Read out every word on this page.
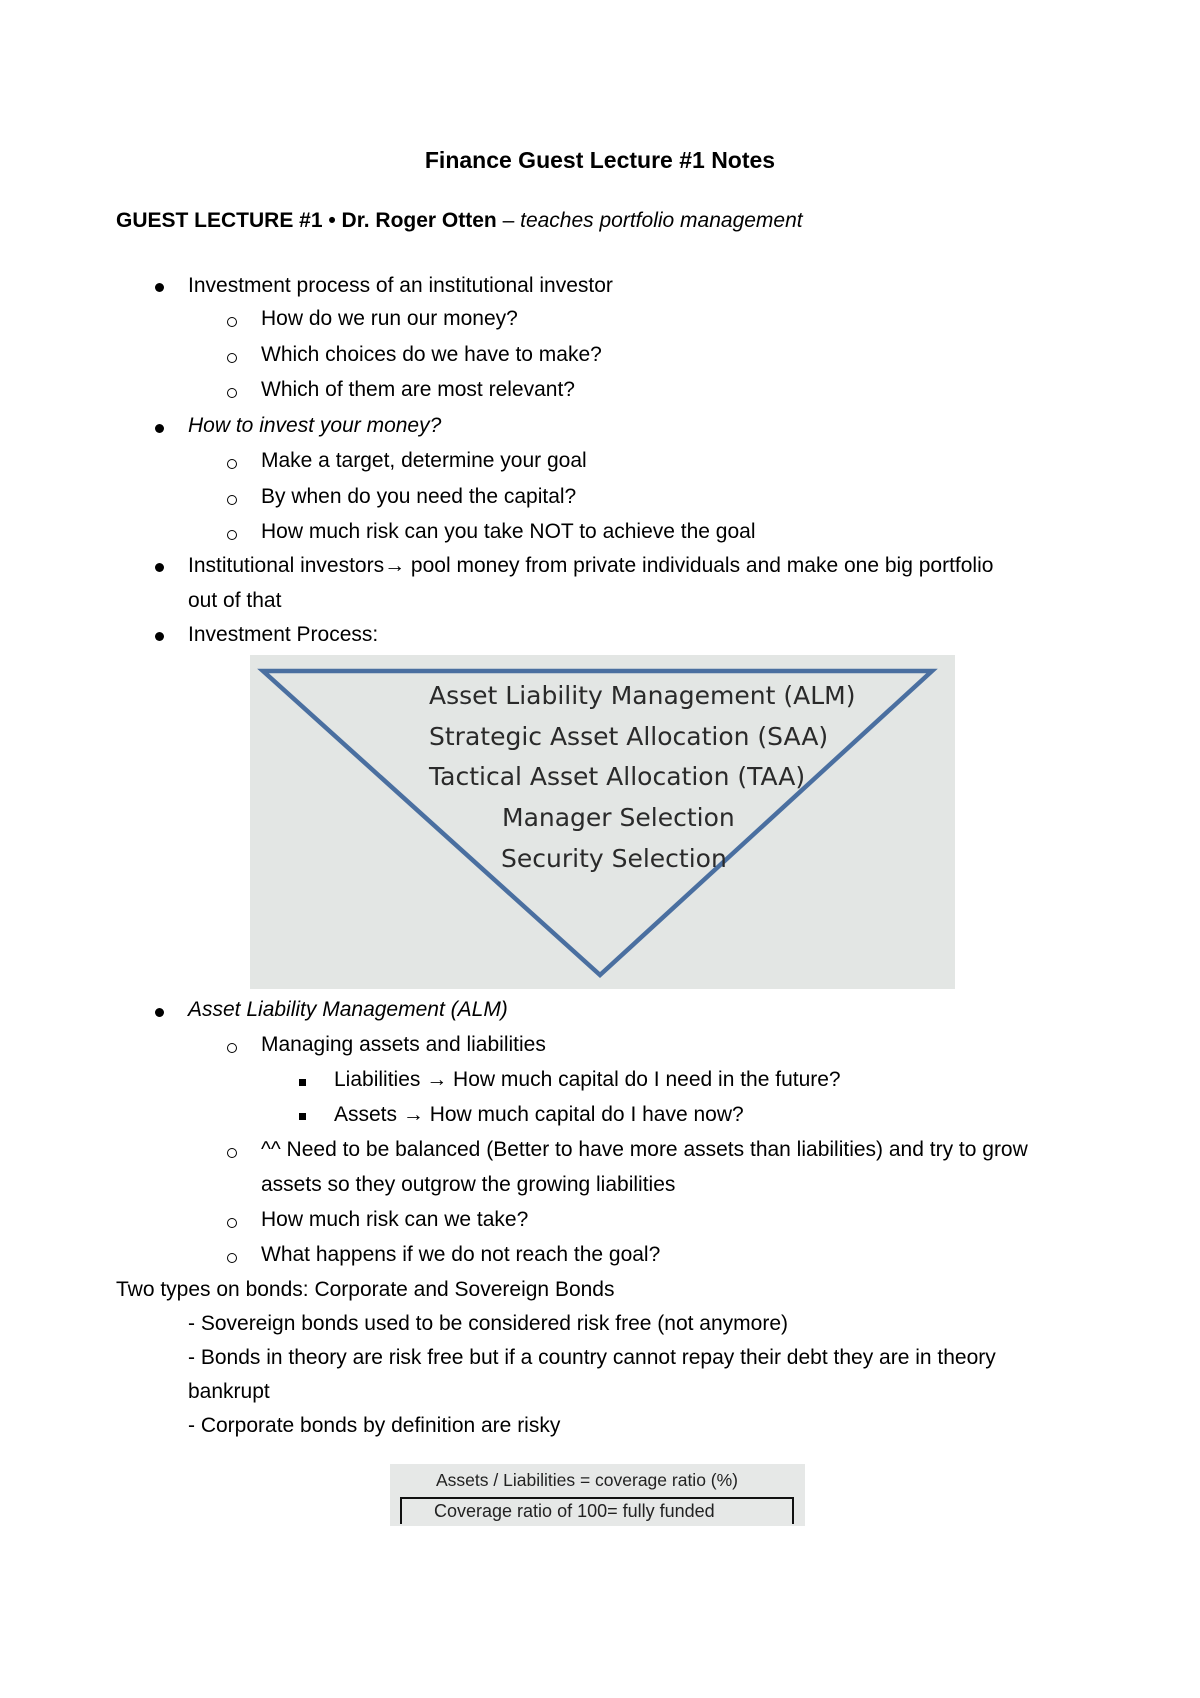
Finance Guest Lecture #1 Notes
GUEST LECTURE #1 • Dr. Roger Otten – teaches portfolio management
Investment process of an institutional investor
How do we run our money?
Which choices do we have to make?
Which of them are most relevant?
How to invest your money?
Make a target, determine your goal
By when do you need the capital?
How much risk can you take NOT to achieve the goal
Institutional investors→ pool money from private individuals and make one big portfolio
out of that
Investment Process:
Asset Liability Management (ALM)
Strategic Asset Allocation (SAA)
Tactical Asset Allocation (TAA)
Manager Selection
Security Selection
Asset Liability Management (ALM)
Managing assets and liabilities
Liabilities → How much capital do I need in the future?
Assets → How much capital do I have now?
^^ Need to be balanced (Better to have more assets than liabilities) and try to grow
assets so they outgrow the growing liabilities
How much risk can we take?
What happens if we do not reach the goal?
Two types on bonds: Corporate and Sovereign Bonds
- Sovereign bonds used to be considered risk free (not anymore)
- Bonds in theory are risk free but if a country cannot repay their debt they are in theory
bankrupt
- Corporate bonds by definition are risky
Assets / Liabilities = coverage ratio (%)
Coverage ratio of 100= fully funded
